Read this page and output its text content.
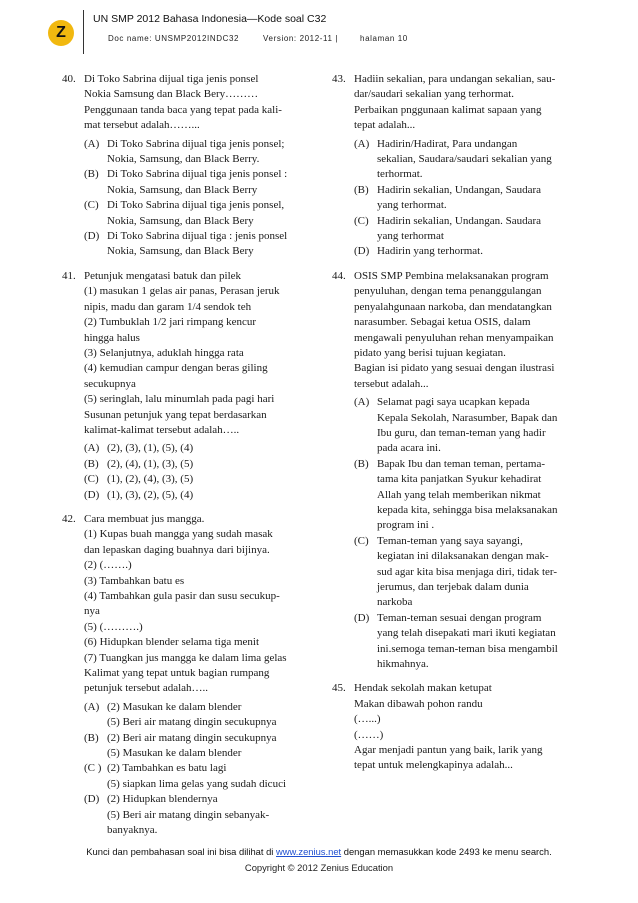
Z
UN SMP 2012 Bahasa Indonesia—Kode soal C32
Doc name: UNSMP2012INDC32	Version: 2012-11 |	halaman 10
40. Di Toko Sabrina dijual tiga jenis ponsel
Nokia Samsung dan Black Bery………
Penggunaan tanda baca yang tepat pada kali-
mat tersebut adalah……...
(A) Di Toko Sabrina dijual tiga jenis ponsel;
Nokia, Samsung, dan Black Berry.
(B) Di Toko Sabrina dijual tiga jenis ponsel :
Nokia, Samsung, dan Black Berry
(C) Di Toko Sabrina dijual tiga jenis ponsel,
Nokia, Samsung, dan Black Bery
(D) Di Toko Sabrina dijual tiga : jenis ponsel
Nokia, Samsung, dan Black Bery
41. Petunjuk mengatasi batuk dan pilek
(1) masukan 1 gelas air panas, Perasan jeruk
nipis, madu dan garam 1/4 sendok teh
(2) Tumbuklah 1/2 jari rimpang kencur
hingga halus
(3) Selanjutnya, aduklah hingga rata
(4) kemudian campur dengan beras giling
secukupnya
(5) seringlah, lalu minumlah pada pagi hari
Susunan petunjuk yang tepat berdasarkan
kalimat-kalimat tersebut adalah…..
(A) (2), (3), (1), (5), (4)
(B) (2), (4), (1), (3), (5)
(C) (1), (2), (4), (3), (5)
(D) (1), (3), (2), (5), (4)
42. Cara membuat jus mangga.
(1) Kupas buah mangga yang sudah masak
dan lepaskan daging buahnya dari bijinya.
(2) (…….)
(3) Tambahkan batu es
(4) Tambahkan gula pasir dan susu secukup-
nya
(5) (……….)
(6) Hidupkan blender selama tiga menit
(7) Tuangkan jus mangga ke dalam lima gelas
Kalimat yang tepat untuk bagian rumpang
petunjuk tersebut adalah…..
(A) (2) Masukan ke dalam blender
(5) Beri air matang dingin secukupnya
(B) (2) Beri air matang dingin secukupnya
(5) Masukan ke dalam blender
(C ) (2) Tambahkan es batu lagi
(5) siapkan lima gelas yang sudah dicuci
(D) (2) Hidupkan blendernya
(5) Beri air matang dingin sebanyak-
banyaknya.
43. Hadiin sekalian, para undangan sekalian, sau-
dar/saudari sekalian yang terhormat.
Perbaikan pnggunaan kalimat sapaan yang
tepat adalah...
(A) Hadirin/Hadirat, Para undangan
sekalian, Saudara/saudari sekalian yang
terhormat.
(B) Hadirin sekalian, Undangan, Saudara
yang terhormat.
(C) Hadirin sekalian, Undangan. Saudara
yang terhormat
(D) Hadirin yang terhormat.
44. OSIS SMP Pembina melaksanakan program
penyuluhan, dengan tema penanggulangan
penyalahgunaan narkoba, dan mendatangkan
narasumber. Sebagai ketua OSIS, dalam
mengawali penyuluhan rehan menyampaikan
pidato yang berisi tujuan kegiatan.
Bagian isi pidato yang sesuai dengan ilustrasi
tersebut adalah...
(A) Selamat pagi saya ucapkan kepada
Kepala Sekolah, Narasumber, Bapak dan
Ibu guru, dan teman-teman yang hadir
pada acara ini.
(B) Bapak Ibu dan teman teman, pertama-
tama kita panjatkan Syukur kehadirat
Allah yang telah memberikan nikmat
kepada kita, sehingga bisa melaksanakan
program ini .
(C) Teman-teman yang saya sayangi,
kegiatan ini dilaksanakan dengan mak-
sud agar kita bisa menjaga diri, tidak ter-
jerumus, dan terjebak dalam dunia
narkoba
(D) Teman-teman sesuai dengan program
yang telah disepakati mari ikuti kegiatan
ini.semoga teman-teman bisa mengambil
hikmahnya.
45. Hendak sekolah makan ketupat
Makan dibawah pohon randu
(…...)
(……)
Agar menjadi pantun yang baik, larik yang
tepat untuk melengkapinya adalah...
Kunci dan pembahasan soal ini bisa dilihat di www.zenius.net dengan memasukkan kode 2493 ke menu search.
Copyright © 2012 Zenius Education
